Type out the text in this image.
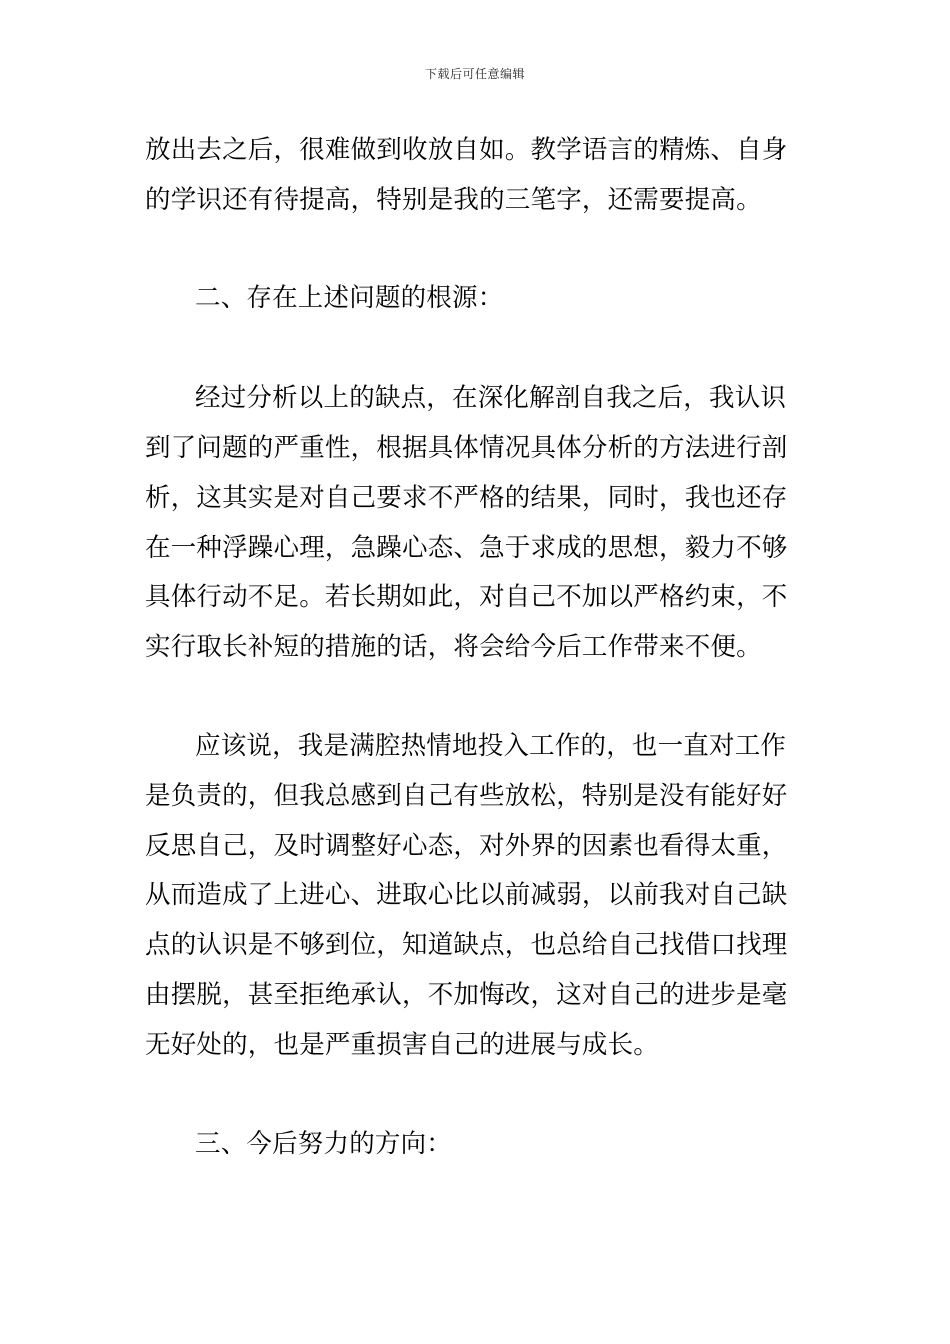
下载后可任意编辑
放出去之后，很难做到收放自如。教学语言的精炼、自身
的学识还有待提高，特别是我的三笔字，还需要提高。
二、存在上述问题的根源：
经过分析以上的缺点，在深化解剖自我之后，我认识
到了问题的严重性，根据具体情况具体分析的方法进行剖
析，这其实是对自己要求不严格的结果，同时，我也还存
在一种浮躁心理，急躁心态、急于求成的思想，毅力不够
具体行动不足。若长期如此，对自己不加以严格约束，不
实行取长补短的措施的话，将会给今后工作带来不便。
应该说，我是满腔热情地投入工作的，也一直对工作
是负责的，但我总感到自己有些放松，特别是没有能好好
反思自己，及时调整好心态，对外界的因素也看得太重，
从而造成了上进心、进取心比以前减弱，以前我对自己缺
点的认识是不够到位，知道缺点，也总给自己找借口找理
由摆脱，甚至拒绝承认，不加悔改，这对自己的进步是毫
无好处的，也是严重损害自己的进展与成长。
三、今后努力的方向：
